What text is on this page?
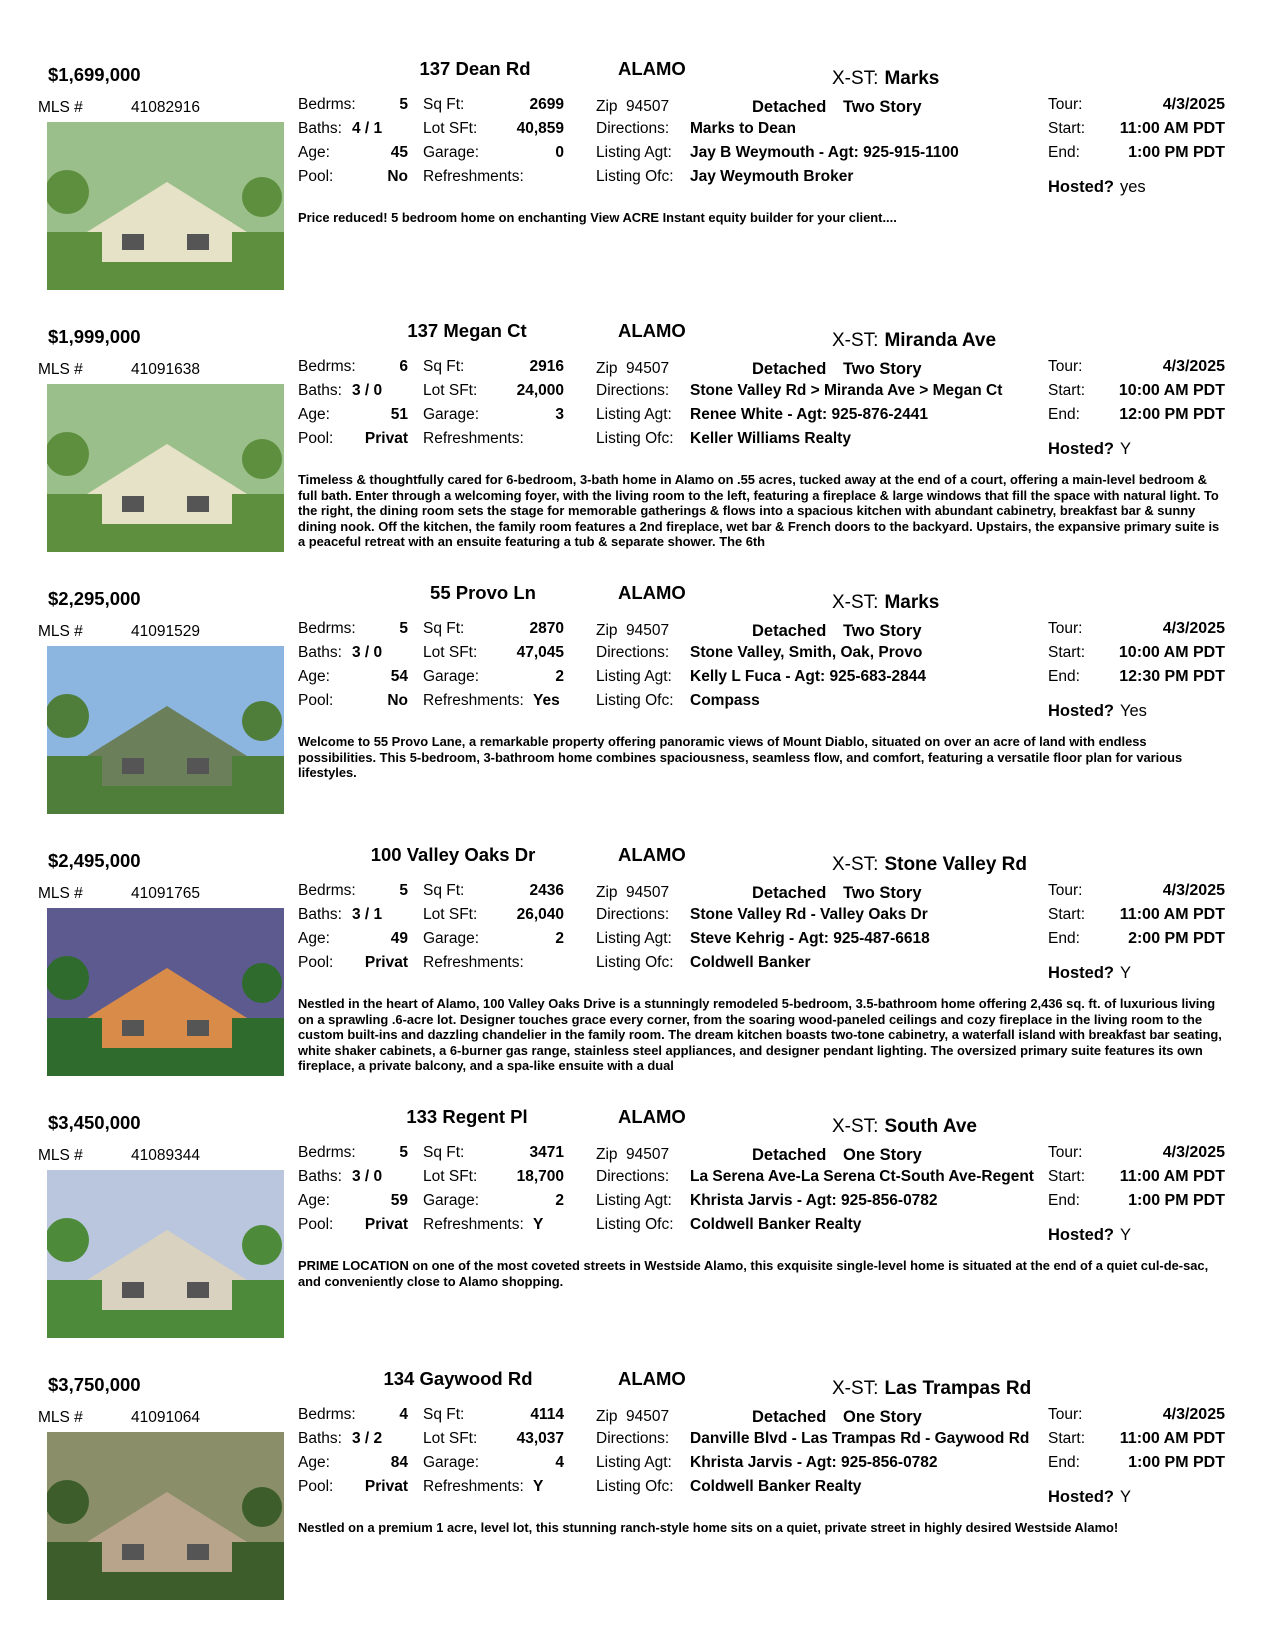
$1,699,000	137 Dean Rd	ALAMO	X-ST: Marks
MLS #	41082916	Bedrms:	5 Sq Ft:	2699
Baths: 4 / 1	Lot SFt:	40,859
Age:	45 Garage:	0
Pool:	No Refreshments:
Zip 94507	Detached Two Story
Directions: Marks to Dean
Listing Agt: Jay B Weymouth - Agt: 925-915-1100
Listing Ofc: Jay Weymouth Broker
Tour:	4/3/2025
Start:	11:00 AM PDT
End:	1:00 PM PDT
Hosted? yes
Price reduced! 5 bedroom home on enchanting View ACRE Instant equity builder for your client....
$1,999,000	137 Megan Ct	ALAMO	X-ST: Miranda Ave
MLS #	41091638	Bedrms:	6 Sq Ft:	2916
Baths: 3 / 0	Lot SFt:	24,000
Age:	51 Garage:	3
Pool:	Privat Refreshments:
Zip 94507	Detached Two Story
Directions: Stone Valley Rd > Miranda Ave > Megan Ct
Listing Agt: Renee White - Agt: 925-876-2441
Listing Ofc: Keller Williams Realty
Tour:	4/3/2025
Start:	10:00 AM PDT
End:	12:00 PM PDT
Hosted? Y
Timeless & thoughtfully cared for 6-bedroom, 3-bath home in Alamo on .55 acres, tucked away at the end of a court, offering a main-level bedroom & full bath. Enter through a welcoming foyer, with the living room to the left, featuring a fireplace & large windows that fill the space with natural light. To the right, the dining room sets the stage for memorable gatherings & flows into a spacious kitchen with abundant cabinetry, breakfast bar & sunny dining nook. Off the kitchen, the family room features a 2nd fireplace, wet bar & French doors to the backyard. Upstairs, the expansive primary suite is a peaceful retreat with an ensuite featuring a tub & separate shower. The 6th
$2,295,000	55 Provo Ln	ALAMO	X-ST: Marks
MLS #	41091529	Bedrms:	5 Sq Ft:	2870
Baths: 3 / 0	Lot SFt:	47,045
Age:	54 Garage:	2
Pool:	No Refreshments: Yes
Zip 94507	Detached Two Story
Directions: Stone Valley, Smith, Oak, Provo
Listing Agt: Kelly L Fuca - Agt: 925-683-2844
Listing Ofc: Compass
Tour:	4/3/2025
Start:	10:00 AM PDT
End:	12:30 PM PDT
Hosted? Yes
Welcome to 55 Provo Lane, a remarkable property offering panoramic views of Mount Diablo, situated on over an acre of land with endless possibilities. This 5-bedroom, 3-bathroom home combines spaciousness, seamless flow, and comfort, featuring a versatile floor plan for various lifestyles.
$2,495,000	100 Valley Oaks Dr	ALAMO	X-ST: Stone Valley Rd
MLS #	41091765	Bedrms:	5 Sq Ft:	2436
Baths: 3 / 1	Lot SFt:	26,040
Age:	49 Garage:	2
Pool:	Privat Refreshments:
Zip 94507	Detached Two Story
Directions: Stone Valley Rd - Valley Oaks Dr
Listing Agt: Steve Kehrig - Agt: 925-487-6618
Listing Ofc: Coldwell Banker
Tour:	4/3/2025
Start:	11:00 AM PDT
End:	2:00 PM PDT
Hosted? Y
Nestled in the heart of Alamo, 100 Valley Oaks Drive is a stunningly remodeled 5-bedroom, 3.5-bathroom home offering 2,436 sq. ft. of luxurious living on a sprawling .6-acre lot. Designer touches grace every corner, from the soaring wood-paneled ceilings and cozy fireplace in the living room to the custom built-ins and dazzling chandelier in the family room. The dream kitchen boasts two-tone cabinetry, a waterfall island with breakfast bar seating, white shaker cabinets, a 6-burner gas range, stainless steel appliances, and designer pendant lighting. The oversized primary suite features its own fireplace, a private balcony, and a spa-like ensuite with a dual
$3,450,000	133 Regent Pl	ALAMO	X-ST: South Ave
MLS #	41089344	Bedrms:	5 Sq Ft:	3471
Baths: 3 / 0	Lot SFt:	18,700
Age:	59 Garage:	2
Pool:	Privat Refreshments: Y
Zip 94507	Detached One Story
Directions: La Serena Ave-La Serena Ct-South Ave-Regent
Listing Agt: Khrista Jarvis - Agt: 925-856-0782
Listing Ofc: Coldwell Banker Realty
Tour:	4/3/2025
Start:	11:00 AM PDT
End:	1:00 PM PDT
Hosted? Y
PRIME LOCATION on one of the most coveted streets in Westside Alamo, this exquisite single-level home is situated at the end of a quiet cul-de-sac, and conveniently close to Alamo shopping.
$3,750,000	134 Gaywood Rd	ALAMO	X-ST: Las Trampas Rd
MLS #	41091064	Bedrms:	4 Sq Ft:	4114
Baths: 3 / 2	Lot SFt:	43,037
Age:	84 Garage:	4
Pool:	Privat Refreshments: Y
Zip 94507	Detached One Story
Directions: Danville Blvd - Las Trampas Rd - Gaywood Rd
Listing Agt: Khrista Jarvis - Agt: 925-856-0782
Listing Ofc: Coldwell Banker Realty
Tour:	4/3/2025
Start:	11:00 AM PDT
End:	1:00 PM PDT
Hosted? Y
Nestled on a premium 1 acre, level lot, this stunning ranch-style home sits on a quiet, private street in highly desired Westside Alamo!
